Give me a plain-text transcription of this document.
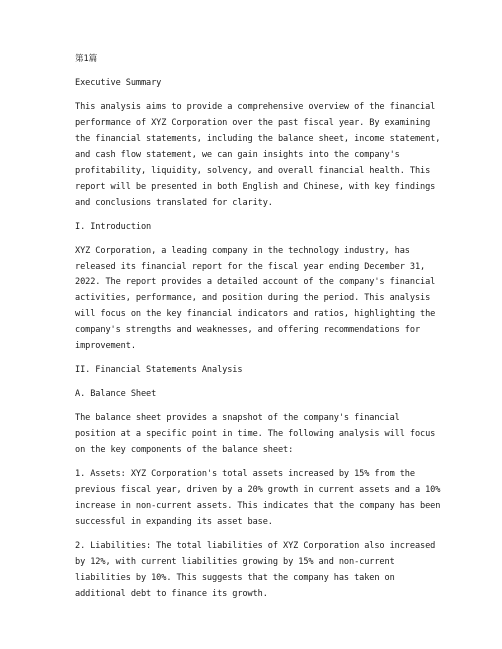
第1篇
Executive Summary
This analysis aims to provide a comprehensive overview of the financial
performance of XYZ Corporation over the past fiscal year. By examining
the financial statements, including the balance sheet, income statement,
and cash flow statement, we can gain insights into the company's
profitability, liquidity, solvency, and overall financial health. This
report will be presented in both English and Chinese, with key findings
and conclusions translated for clarity.
I. Introduction
XYZ Corporation, a leading company in the technology industry, has
released its financial report for the fiscal year ending December 31,
2022. The report provides a detailed account of the company's financial
activities, performance, and position during the period. This analysis
will focus on the key financial indicators and ratios, highlighting the
company's strengths and weaknesses, and offering recommendations for
improvement.
II. Financial Statements Analysis
A. Balance Sheet
The balance sheet provides a snapshot of the company's financial
position at a specific point in time. The following analysis will focus
on the key components of the balance sheet:
1. Assets: XYZ Corporation's total assets increased by 15% from the
previous fiscal year, driven by a 20% growth in current assets and a 10%
increase in non-current assets. This indicates that the company has been
successful in expanding its asset base.
2. Liabilities: The total liabilities of XYZ Corporation also increased
by 12%, with current liabilities growing by 15% and non-current
liabilities by 10%. This suggests that the company has taken on
additional debt to finance its growth.
